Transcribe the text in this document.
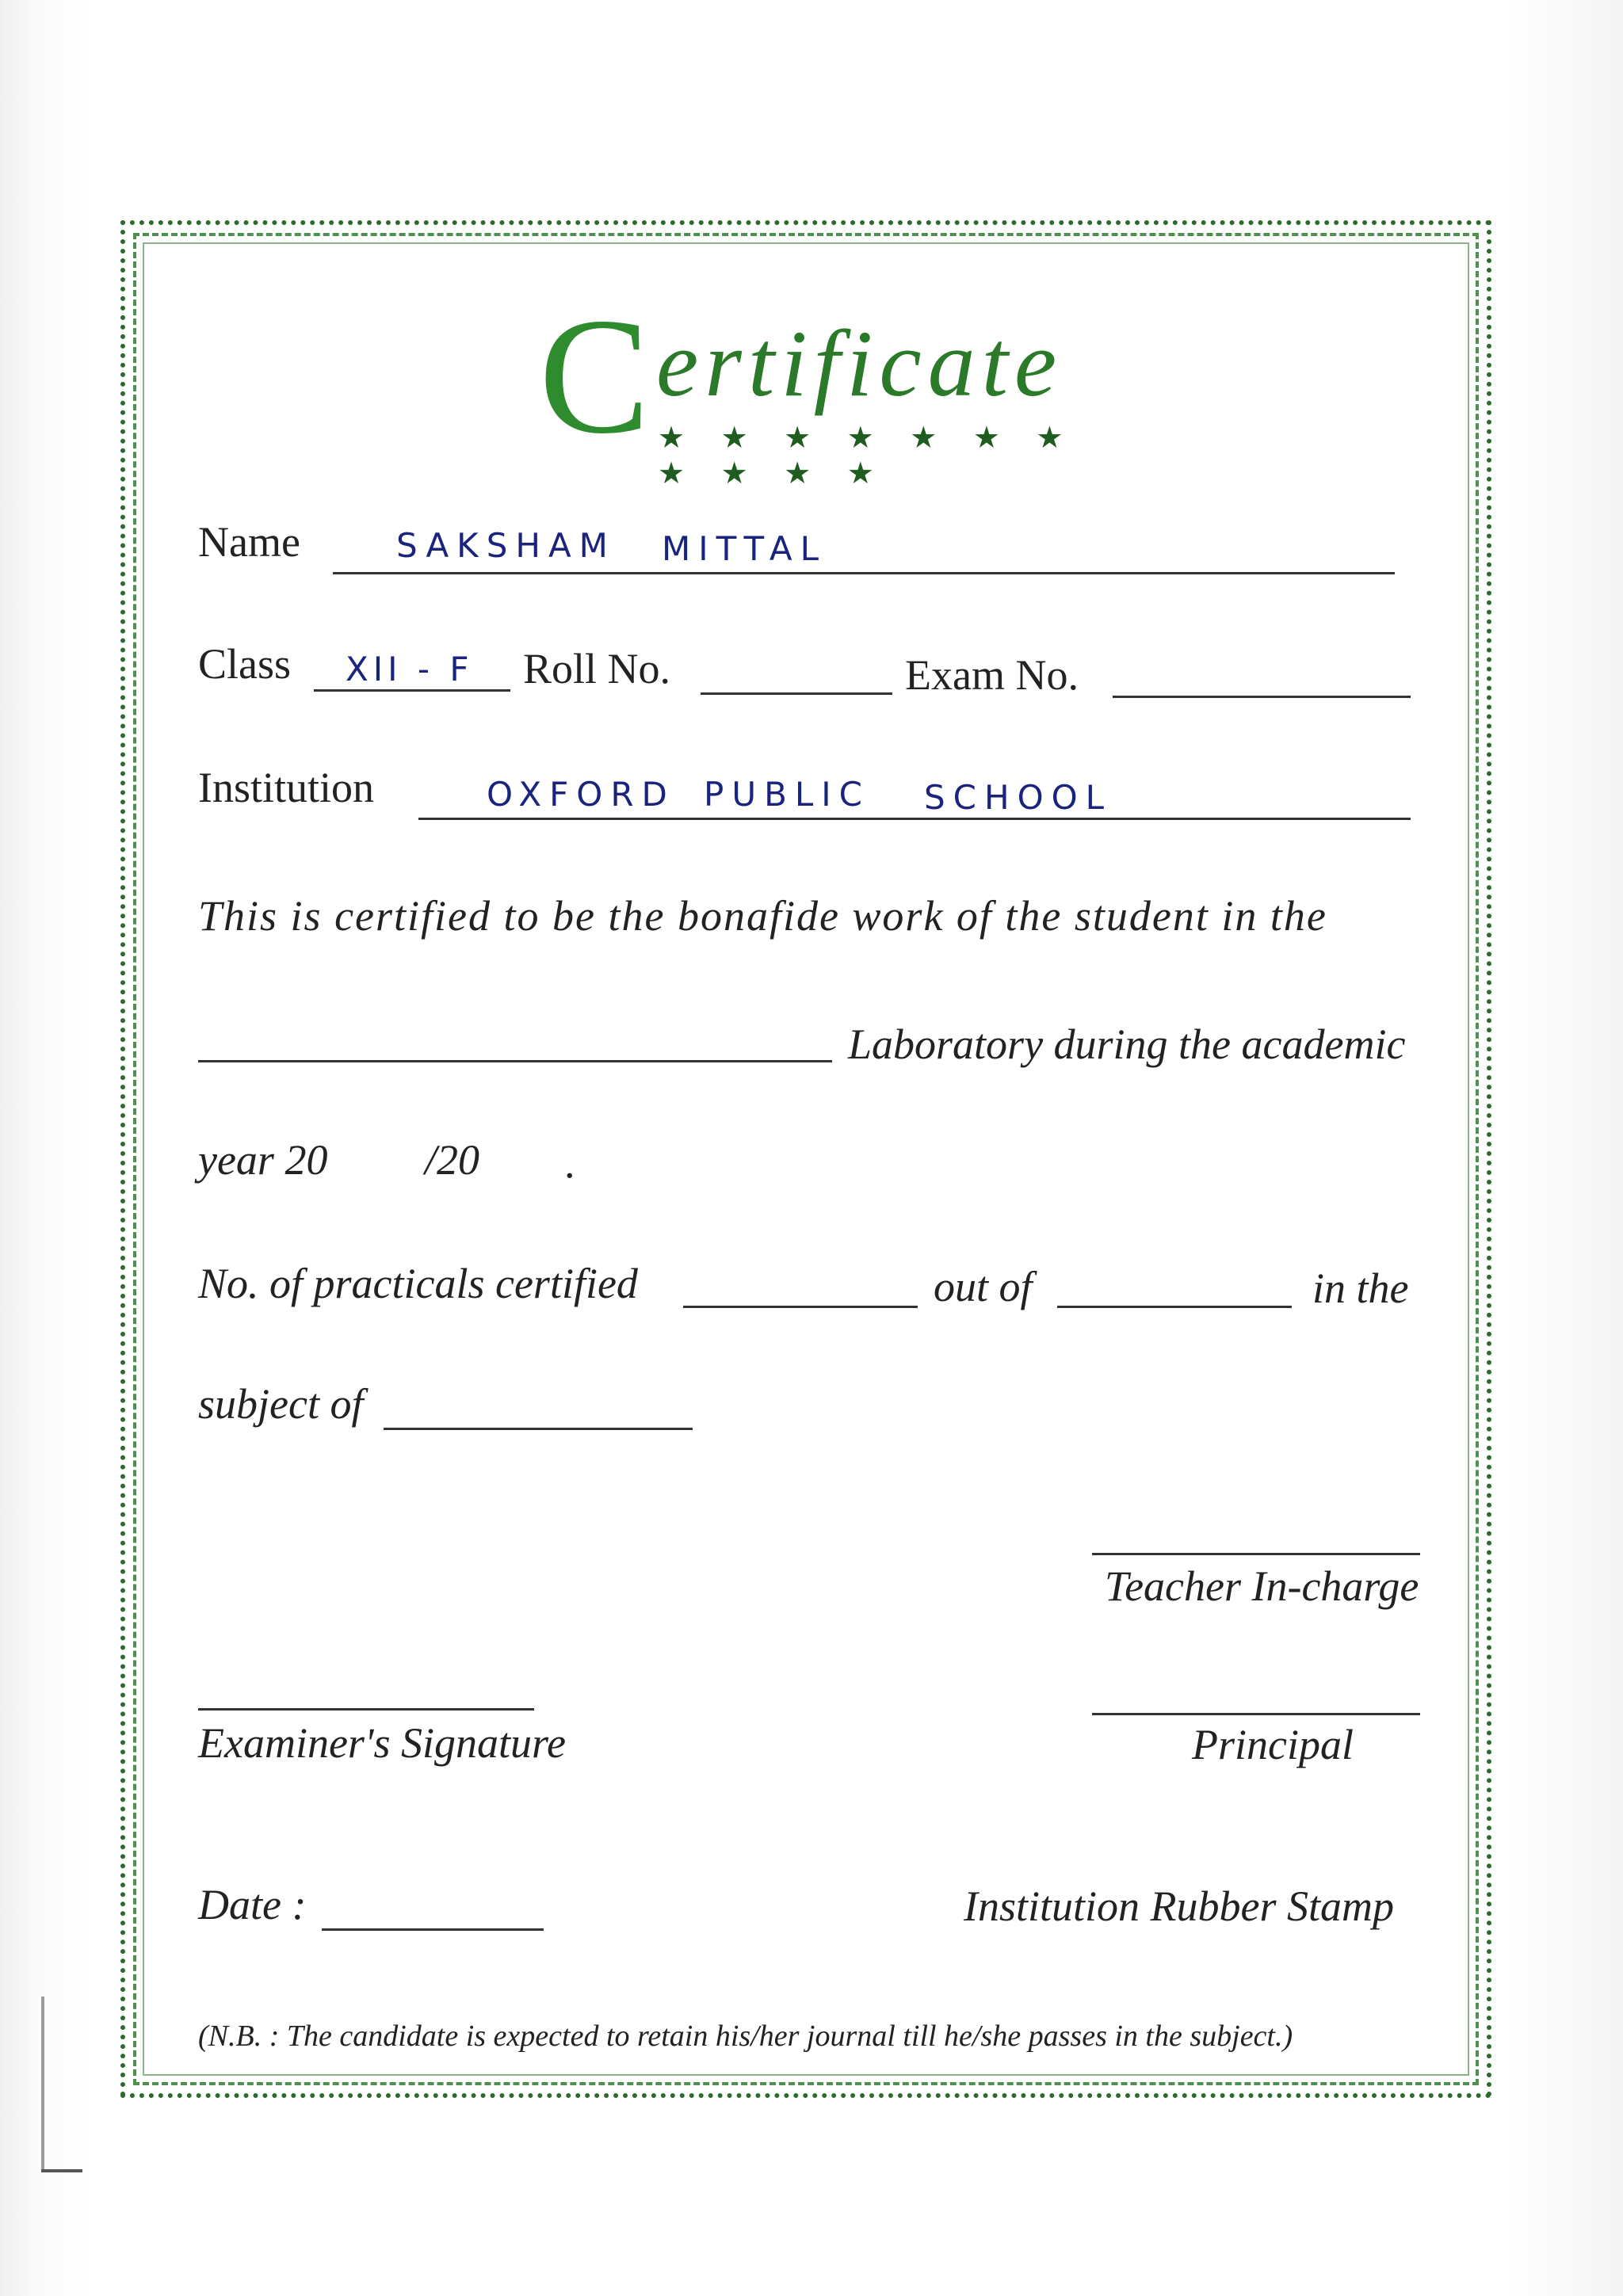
C ertificate
★ ★ ★ ★ ★ ★ ★ ★ ★ ★ ★
Name	SAKSHAM MITTAL
Class XII - F Roll No.	Exam No.
Institution	OXFORD PUBLIC SCHOOL
This is certified to be the bonafide work of the student in the
Laboratory during the academic
year 20 /20 .
No. of practicals certified	out of	in the
subject of
Teacher In-charge
Examiner's Signature	Principal
Date :	Institution Rubber Stamp
(N.B. : The candidate is expected to retain his/her journal till he/she passes in the subject.)
